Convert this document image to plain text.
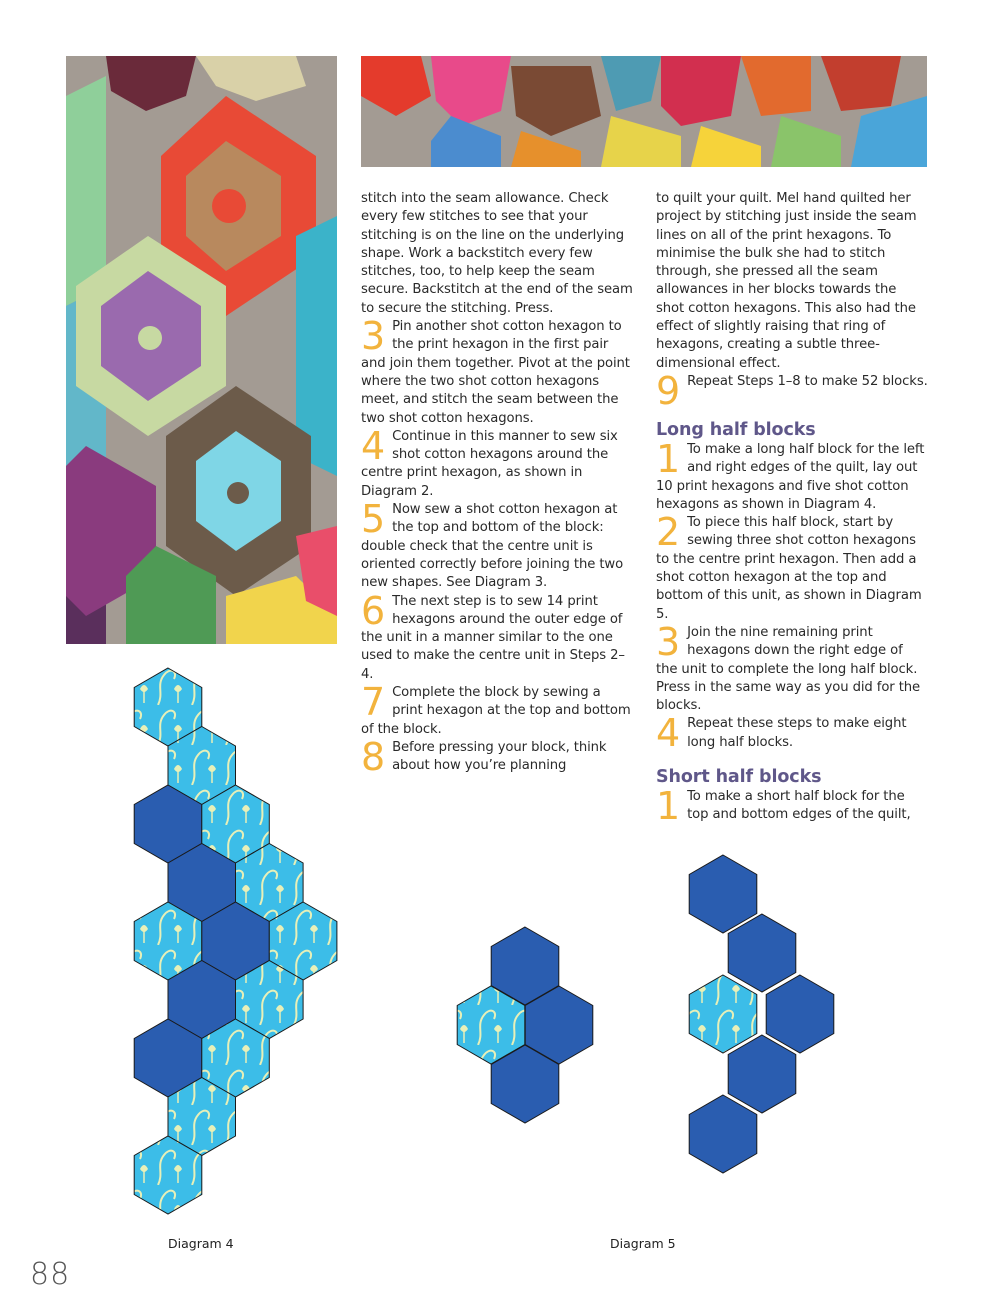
stitch into the seam allowance. Check every few stitches to see that your stitching is on the line on the underlying shape. Work a backstitch every few stitches, too, to help keep the seam secure. Backstitch at the end of the seam to secure the stitching. Press.

3 Pin another shot cotton hexagon to the print hexagon in the first pair and join them together. Pivot at the point where the two shot cotton hexagons meet, and stitch the seam between the two shot cotton hexagons.
4 Continue in this manner to sew six shot cotton hexagons around the centre print hexagon, as shown in Diagram 2.
5 Now sew a shot cotton hexagon at the top and bottom of the block: double check that the centre unit is oriented correctly before joining the two new shapes. See Diagram 3.
6 The next step is to sew 14 print hexagons around the outer edge of the unit in a manner similar to the one used to make the centre unit in Steps 2–4.
7 Complete the block by sewing a print hexagon at the top and bottom of the block.
8 Before pressing your block, think about how you’re planning

to quilt your quilt. Mel hand quilted her project by stitching just inside the seam lines on all of the print hexagons. To minimise the bulk she had to stitch through, she pressed all the seam allowances in her blocks towards the shot cotton hexagons. This also had the effect of slightly raising that ring of hexagons, creating a subtle three-dimensional effect.

9 Repeat Steps 1–8 to make 52 blocks.
Long half blocks
1 To make a long half block for the left and right edges of the quilt, lay out 10 print hexagons and five shot cotton hexagons as shown in Diagram 4.
2 To piece this half block, start by sewing three shot cotton hexagons to the centre print hexagon. Then add a shot cotton hexagon at the top and bottom of this unit, as shown in Diagram 5.
3 Join the nine remaining print hexagons down the right edge of the unit to complete the long half block. Press in the same way as you did for the blocks.
4 Repeat these steps to make eight long half blocks.
Short half blocks
1 To make a short half block for the top and bottom edges of the quilt,
Diagram 4	Diagram 5
88
